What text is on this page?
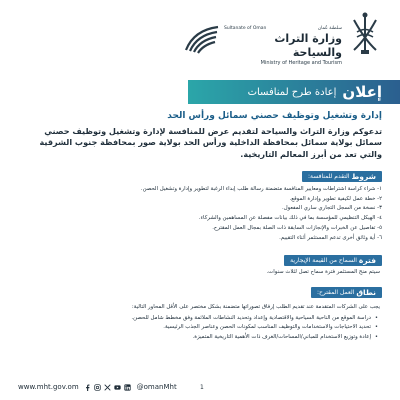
Sultanate of Oman	سلطنة عُمان
وزارة التراث والسياحة
Ministry of Heritage and Tourism
إعلان
إعادة طرح لمنافسات
إدارة وتشغيل وتوظيف حصني سمائل ورأس الحد
تدعوكم وزارة التراث والسياحة لتقديم عرض للمنافسة لإدارة وتشغيل وتوظيف حصني سمائل بولاية سمائل بمحافظة الداخلية ورأس الحد بولاية صور بمحافظة جنوب الشرقية والتي تعد من أبرز المعالم التاريخية.
شروط
التقدم للمنافسة:
١- شراء كراسة اشتراطات ومعايير المنافسة متضمنة رسالة طلب إبداء الرغبة لتطوير وإدارة وتشغيل الحصن.
٢- خطة عمل لكيفية تطوير وإدارة الموقع.
٣- نسخة من السجل التجاري ساري المفعول.
٤- الهيكل التنظيمي للمؤسسة بما في ذلك بيانات مفصلة عن المساهمين والشركاء.
٥- تفاصيل عن الخبرات والإنجازات السابقة ذات الصلة بمجال العمل المقترح.
٦- أية وثائق أخرى تدعم المستثمر أثناء التقييم.
فترة
السماح من القيمة الإيجارية
سيتم منح المستثمر فترة سماح تصل لثلاث سنوات.
نطاق
العمل المقترح:
يجب على الشركات المتقدمة عند تقديم الطلب إرفاق تصوراتها متضمنة بشكل مختصر على الأقل المحاور التالية:
•
دراسة الموقع من الناحية السياحية والاقتصادية وإعداد وتحديد النشاطات الملائمة وفق مخطط شامل للحصن.
•
تحديد الاحتياجات والاستخدامات والتوظيف المناسب لمكونات الحصن وعناصر الجذب الرئيسية.
•
إعادة وتوزيع الاستخدام للمباني/المساحات/الغرف ذات الأهمية التاريخية المتميزة.
www.mht.gov.om	@omanMht	1
